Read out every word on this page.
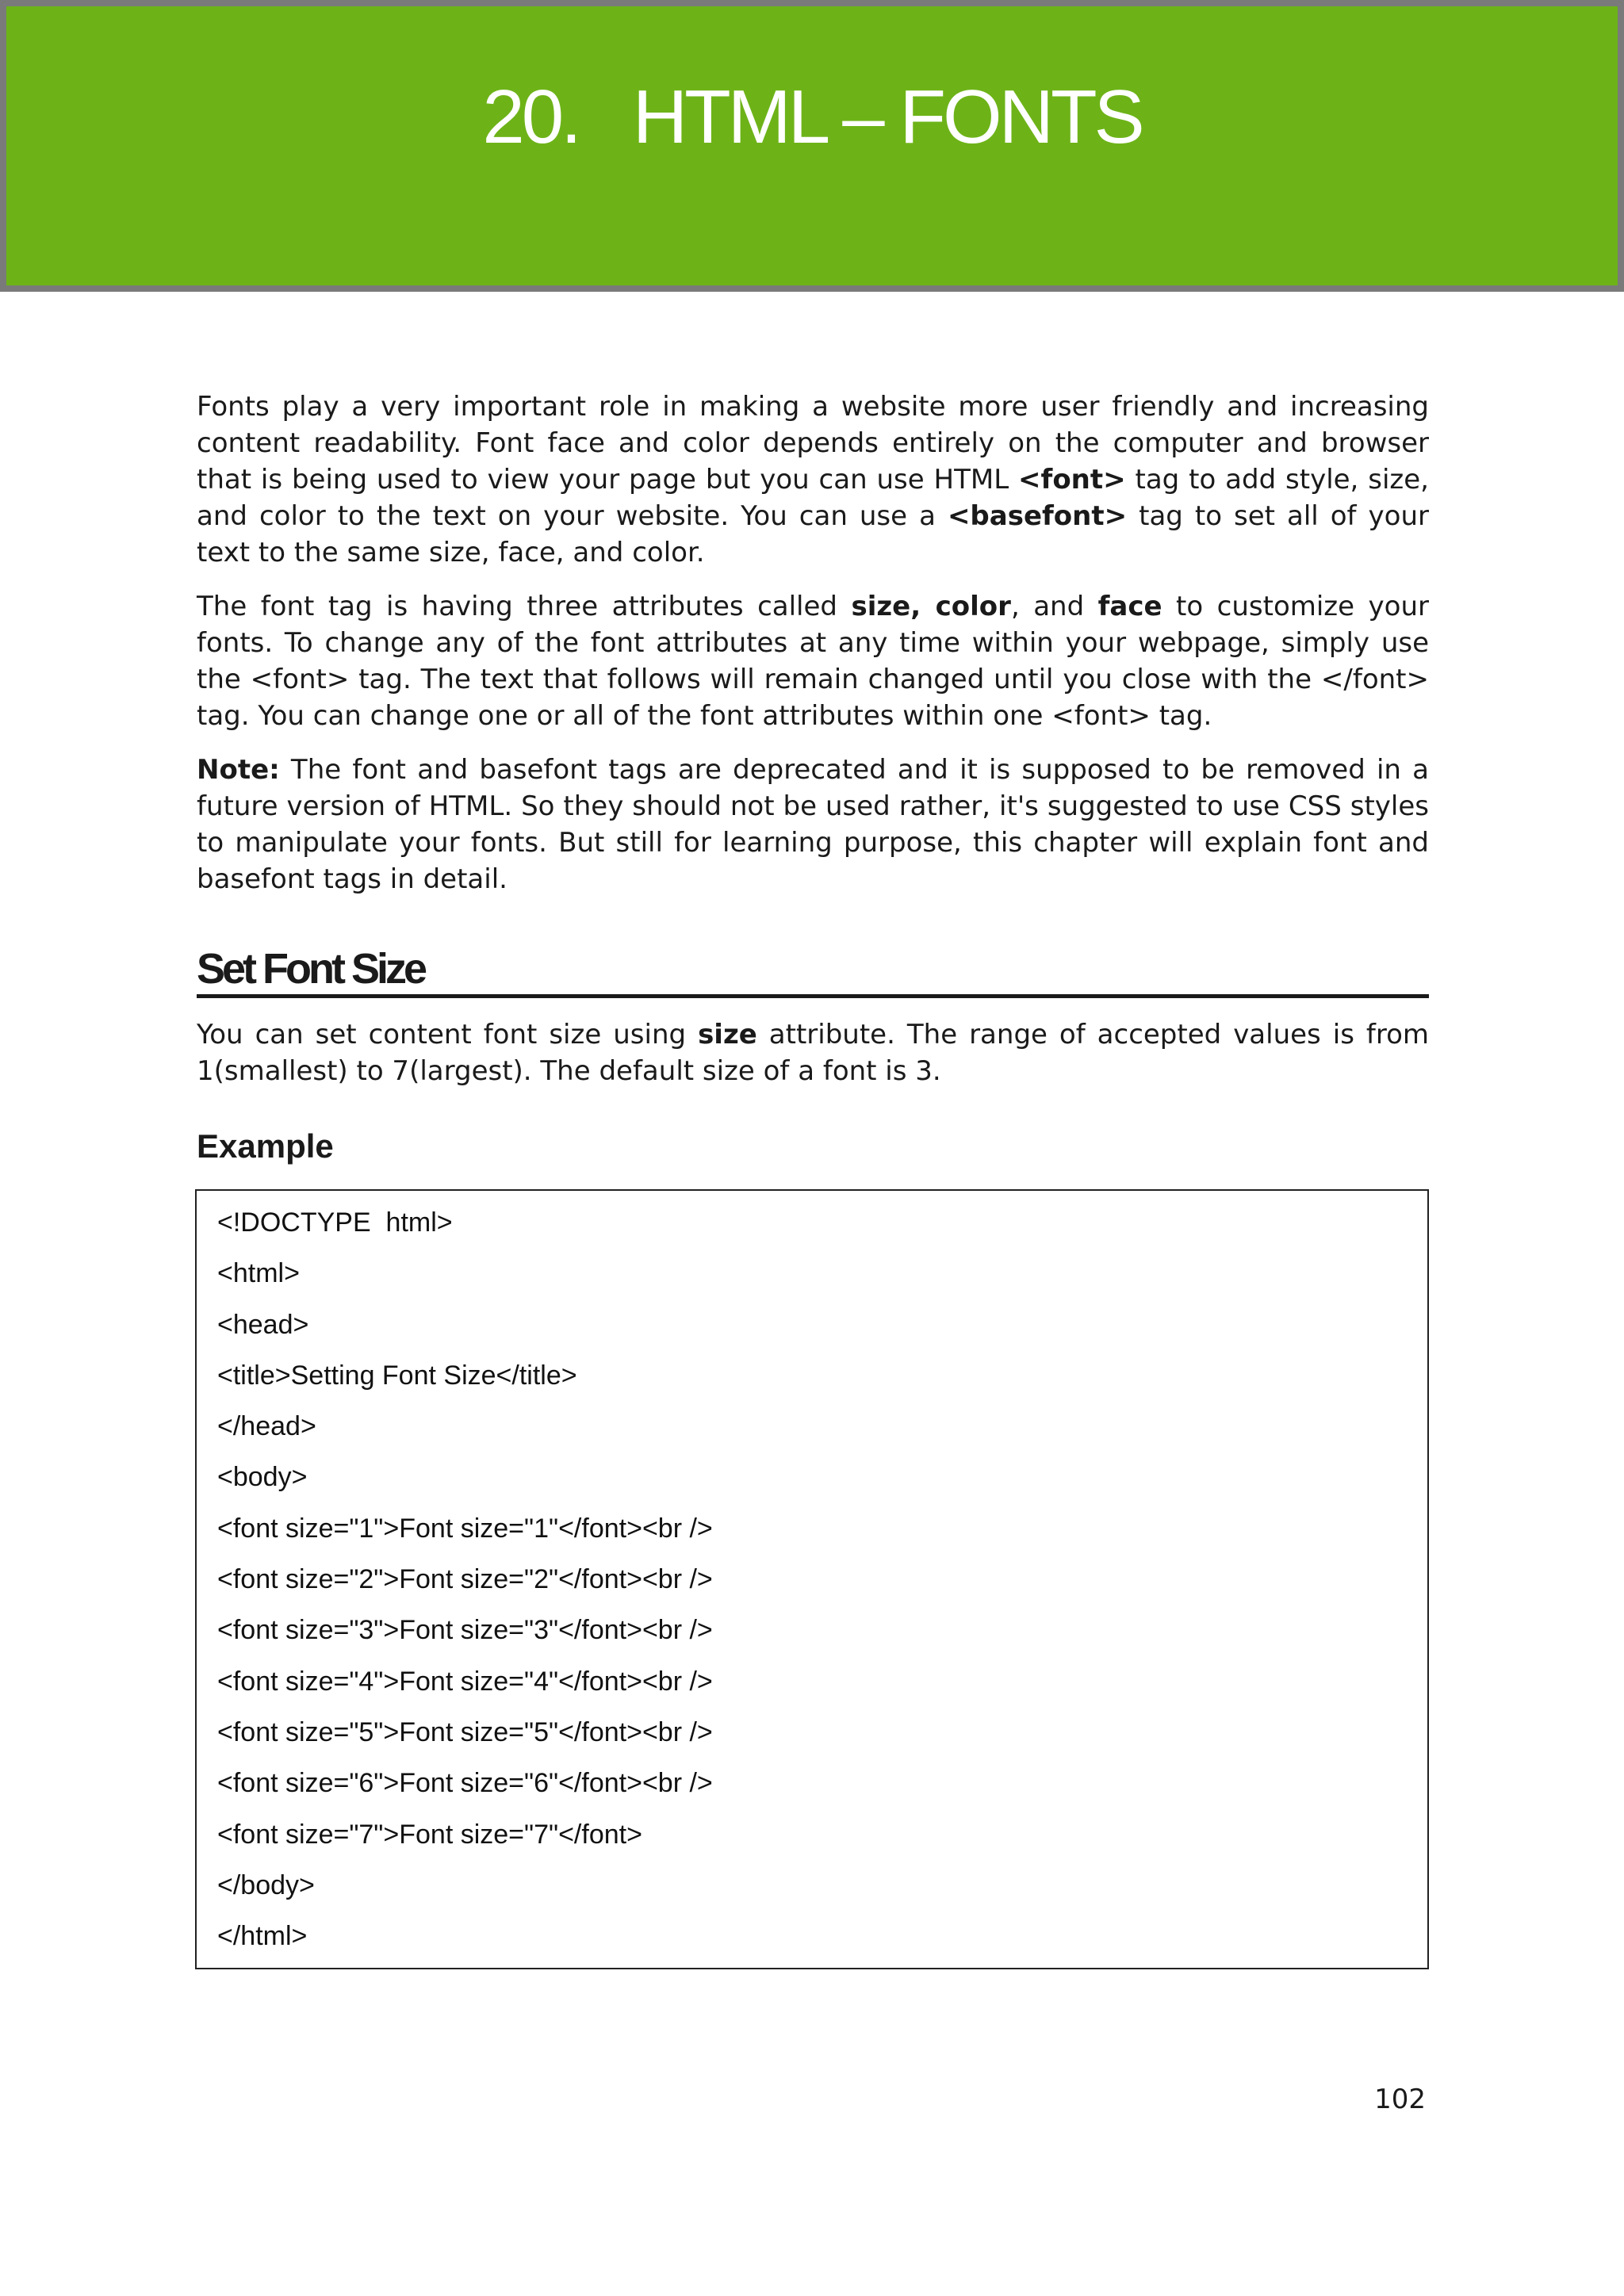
20.   HTML – FONTS

Fonts play a very important role in making a website more user friendly and increasing content readability. Font face and color depends entirely on the computer and browser that is being used to view your page but you can use HTML <font> tag to add style, size, and color to the text on your website. You can use a <basefont> tag to set all of your text to the same size, face, and color.

The font tag is having three attributes called size, color, and face to customize your fonts. To change any of the font attributes at any time within your webpage, simply use the <font> tag. The text that follows will remain changed until you close with the </font> tag. You can change one or all of the font attributes within one <font> tag.

Note: The font and basefont tags are deprecated and it is supposed to be removed in a future version of HTML. So they should not be used rather, it's suggested to use CSS styles to manipulate your fonts. But still for learning purpose, this chapter will explain font and basefont tags in detail.

Set Font Size

You can set content font size using size attribute. The range of accepted values is from 1(smallest) to 7(largest). The default size of a font is 3.

Example
<!DOCTYPE  html>
<html>
<head>
<title>Setting Font Size</title>
</head>
<body>
<font size="1">Font size="1"</font><br />
<font size="2">Font size="2"</font><br />
<font size="3">Font size="3"</font><br />
<font size="4">Font size="4"</font><br />
<font size="5">Font size="5"</font><br />
<font size="6">Font size="6"</font><br />
<font size="7">Font size="7"</font>
</body>
</html>
102
